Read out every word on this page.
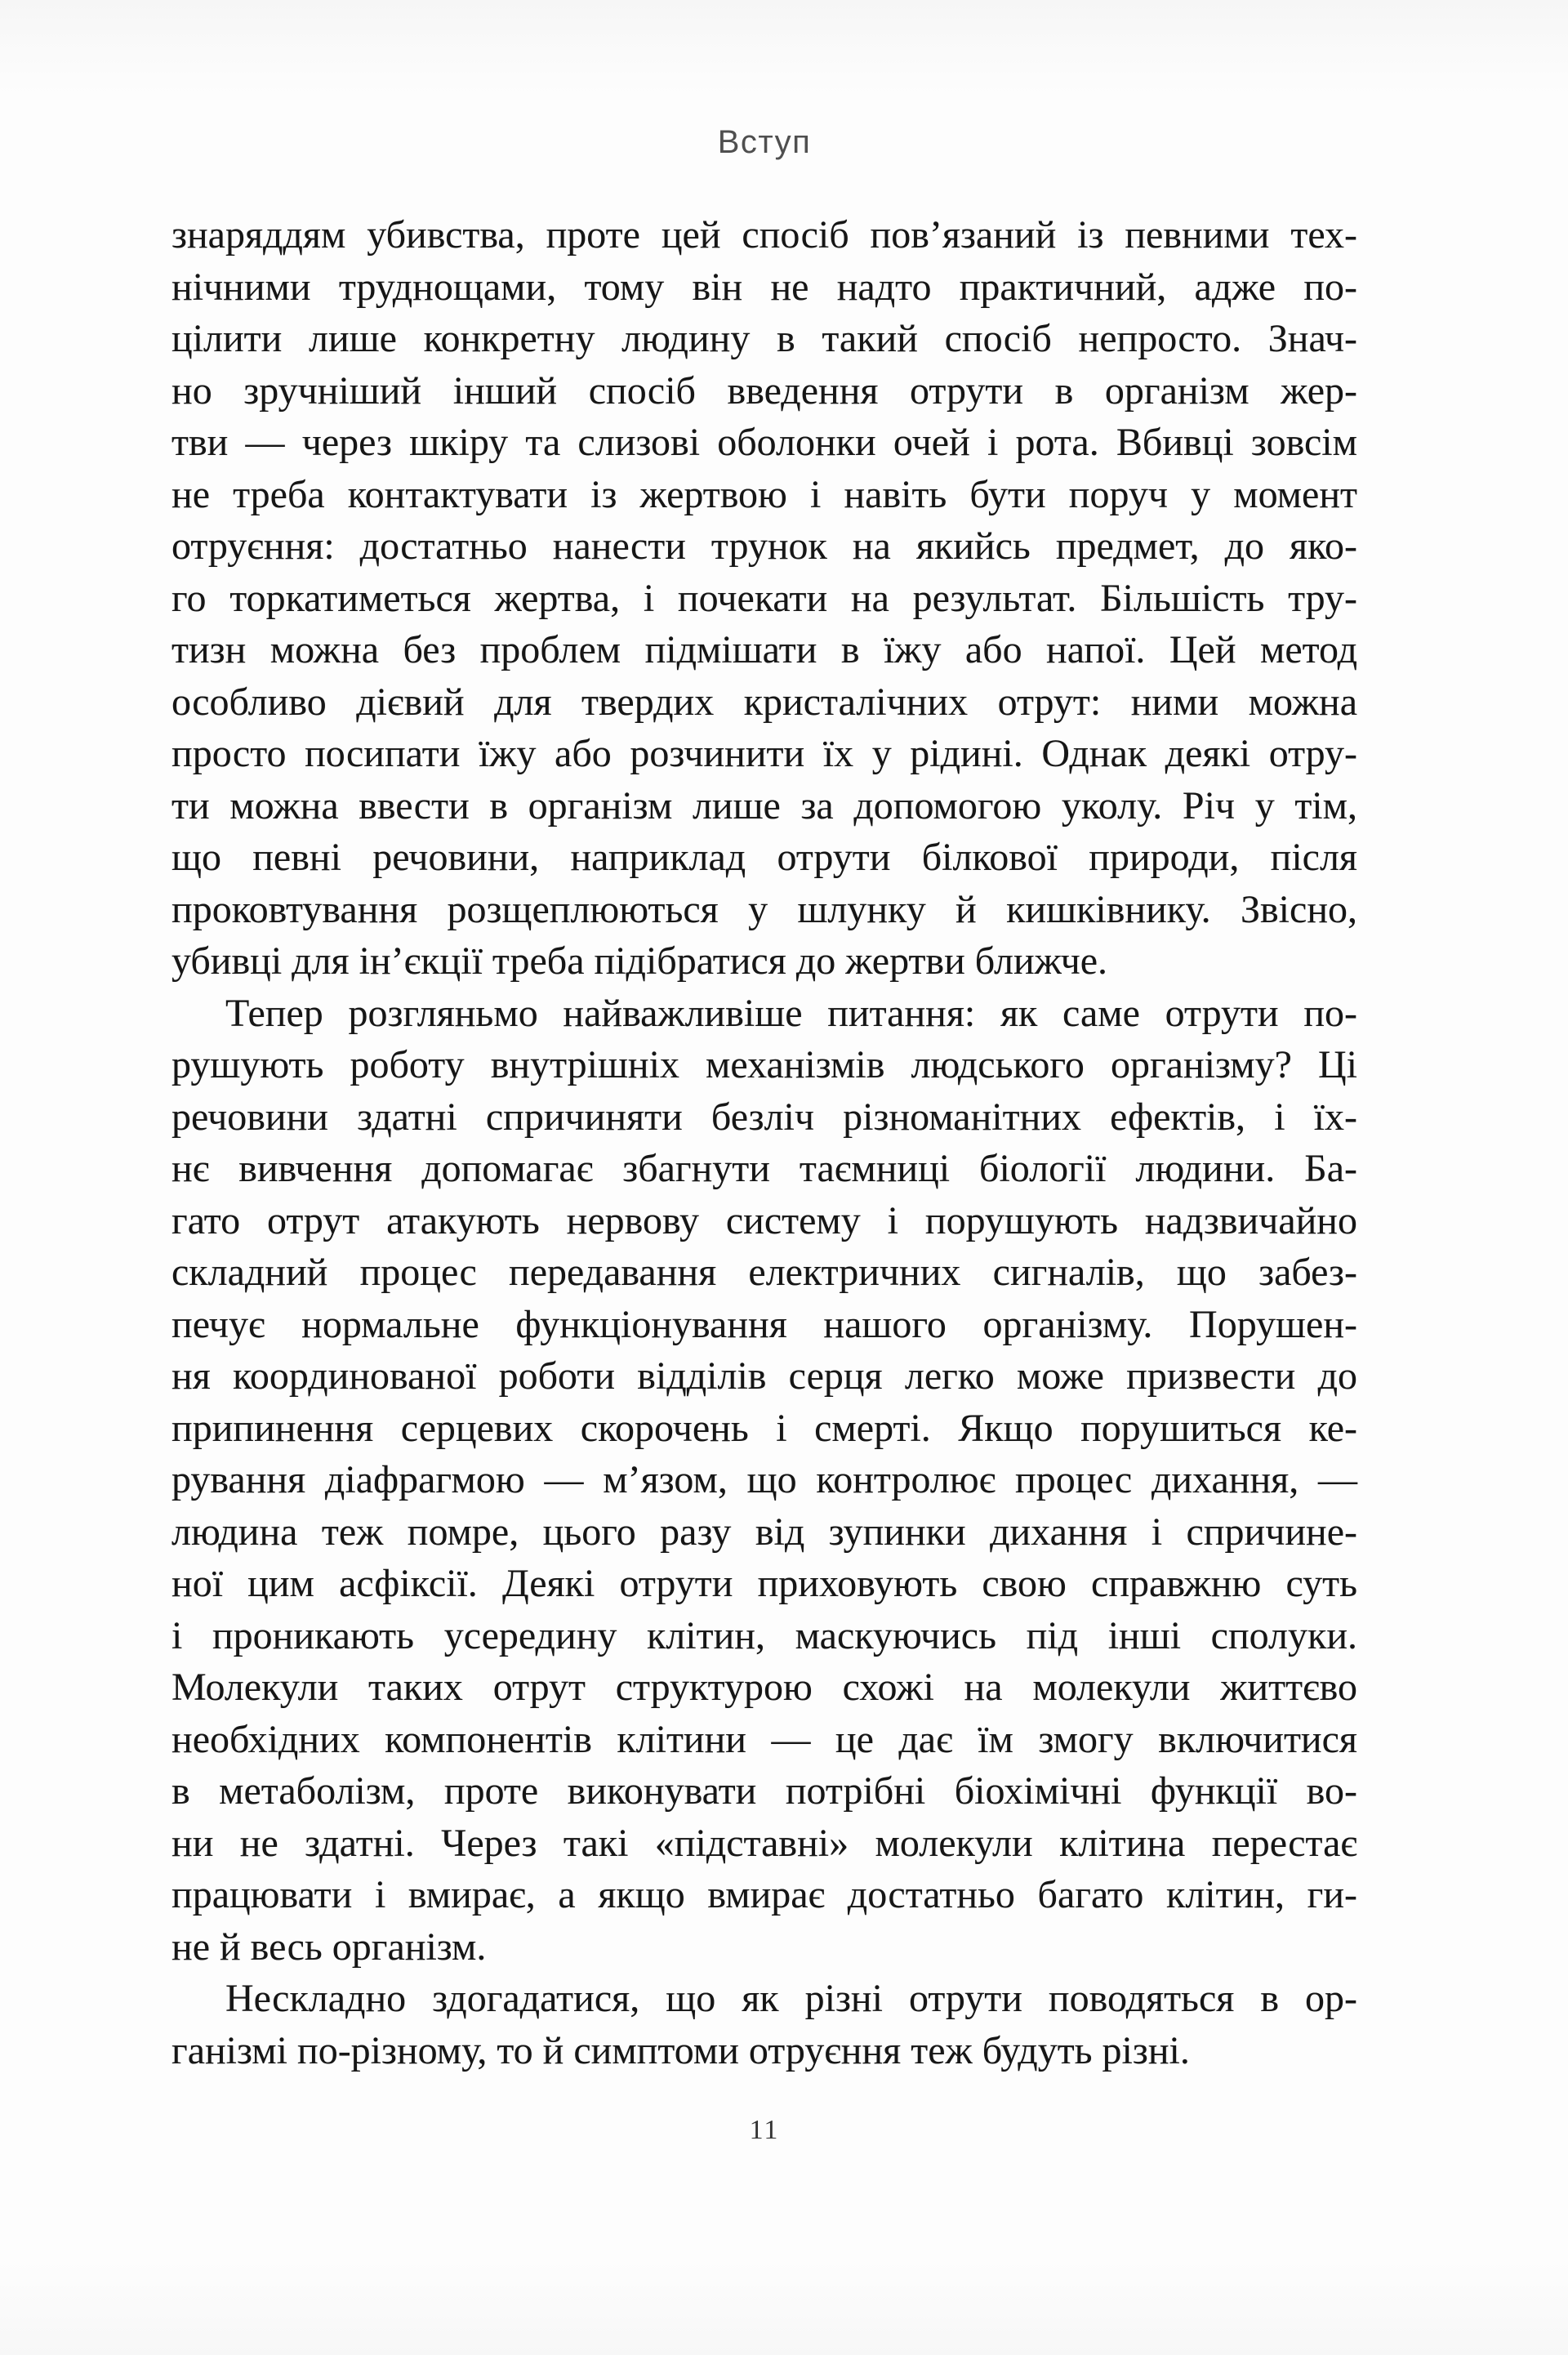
Вступ
знаряддям убивства, проте цей спосіб пов’язаний із певними тех-
нічними труднощами, тому він не надто практичний, адже по-
цілити лише конкретну людину в такий спосіб непросто. Знач-
но зручніший інший спосіб введення отрути в організм жер-
тви — через шкіру та слизові оболонки очей і рота. Вбивці зовсім
не треба контактувати із жертвою і навіть бути поруч у момент
отруєння: достатньо нанести трунок на якийсь предмет, до яко-
го торкатиметься жертва, і почекати на результат. Більшість тру-
тизн можна без проблем підмішати в їжу або напої. Цей метод
особливо дієвий для твердих кристалічних отрут: ними можна
просто посипати їжу або розчинити їх у рідині. Однак деякі отру-
ти можна ввести в організм лише за допомогою уколу. Річ у тім,
що певні речовини, наприклад отрути білкової природи, після
проковтування розщеплюються у шлунку й кишківнику. Звісно,
убивці для ін’єкції треба підібратися до жертви ближче.
Тепер розгляньмо найважливіше питання: як саме отрути по-
рушують роботу внутрішніх механізмів людського організму? Ці
речовини здатні спричиняти безліч різноманітних ефектів, і їх-
нє вивчення допомагає збагнути таємниці біології людини. Ба-
гато отрут атакують нервову систему і порушують надзвичайно
складний процес передавання електричних сигналів, що забез-
печує нормальне функціонування нашого організму. Порушен-
ня координованої роботи відділів серця легко може призвести до
припинення серцевих скорочень і смерті. Якщо порушиться ке-
рування діафрагмою — м’язом, що контролює процес дихання, —
людина теж помре, цього разу від зупинки дихання і спричине-
ної цим асфіксії. Деякі отрути приховують свою справжню суть
і проникають усередину клітин, маскуючись під інші сполуки.
Молекули таких отрут структурою схожі на молекули життєво
необхідних компонентів клітини — це дає їм змогу включитися
в метаболізм, проте виконувати потрібні біохімічні функції во-
ни не здатні. Через такі «підставні» молекули клітина перестає
працювати і вмирає, а якщо вмирає достатньо багато клітин, ги-
не й весь організм.
Нескладно здогадатися, що як різні отрути поводяться в ор-
ганізмі по-різному, то й симптоми отруєння теж будуть різні.
11
